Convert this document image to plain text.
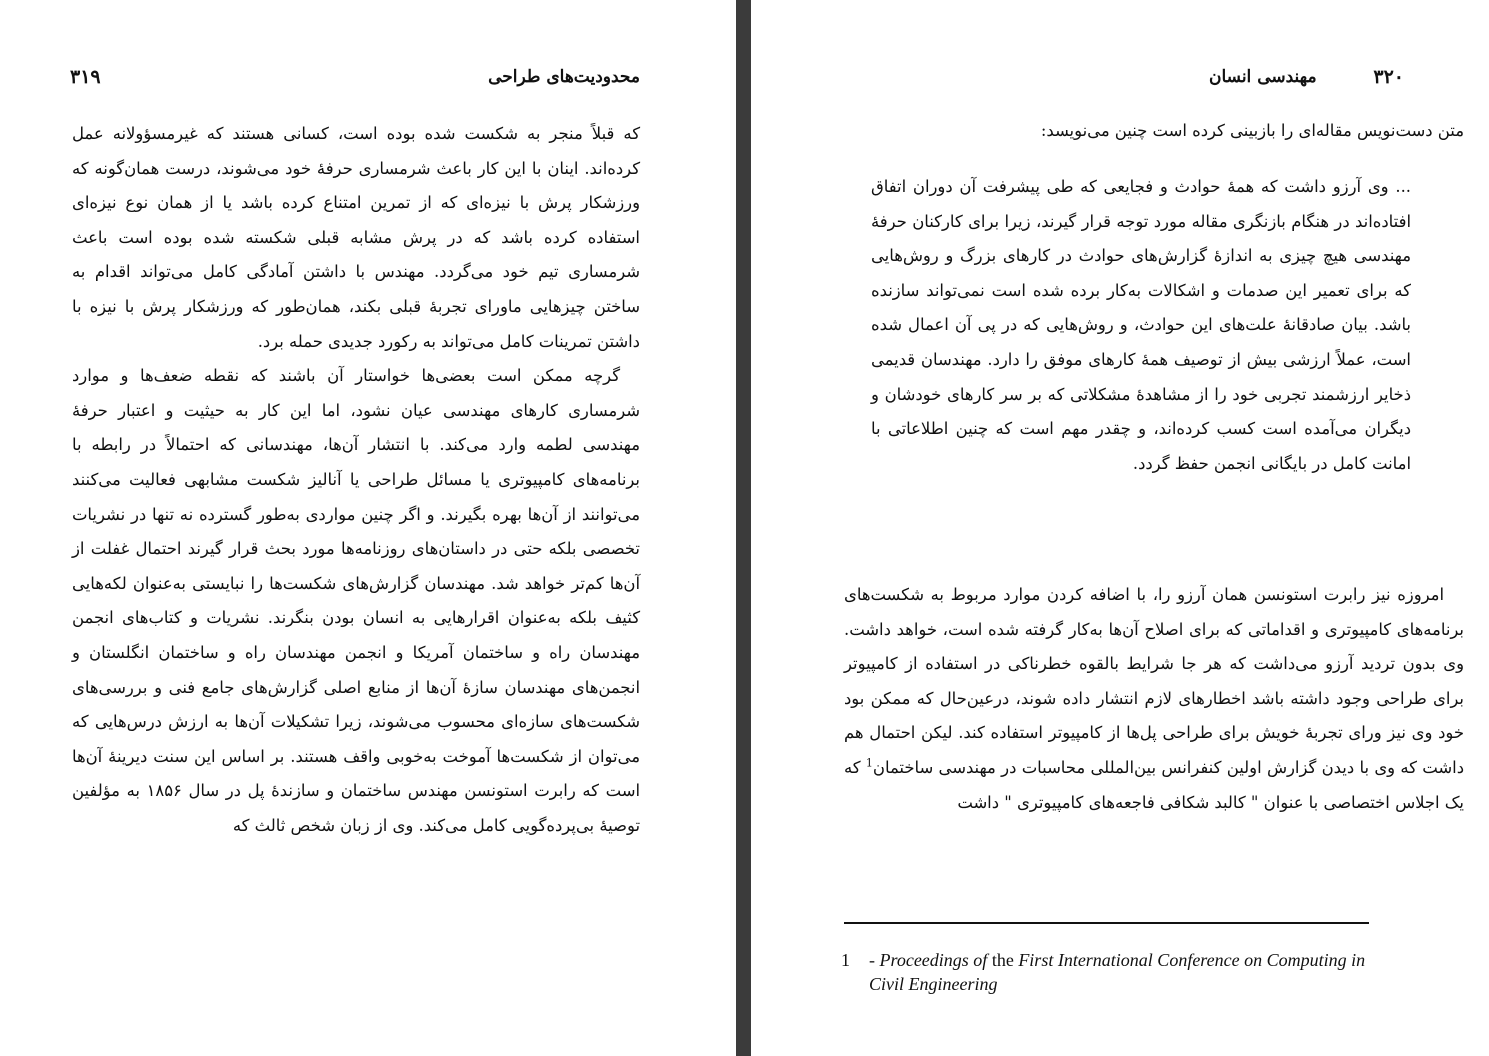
۳۱۹	محدودیت‌های طراحی

که قبلاً منجر به شکست شده بوده است، کسانی هستند که غیرمسؤولانه عمل کرده‌اند. اینان با این کار باعث شرمساری حرفهٔ خود می‌شوند، درست همان‌گونه که ورزشکار پرش با نیزه‌ای که از تمرین امتناع کرده باشد یا از همان نوع نیزه‌ای استفاده کرده باشد که در پرش مشابه قبلی شکسته شده بوده است باعث شرمساری تیم خود می‌گردد. مهندس با داشتن آمادگی کامل می‌تواند اقدام به ساختن چیزهایی ماورای تجربهٔ قبلی بکند، همان‌طور که ورزشکار پرش با نیزه با داشتن تمرینات کامل می‌تواند به رکورد جدیدی حمله برد.

گرچه ممکن است بعضی‌ها خواستار آن باشند که نقطه ضعف‌ها و موارد شرمساری کارهای مهندسی عیان نشود، اما این کار به حیثیت و اعتبار حرفهٔ مهندسی لطمه وارد می‌کند. با انتشار آن‌ها، مهندسانی که احتمالاً در رابطه با برنامه‌های کامپیوتری یا مسائل طراحی یا آنالیز شکست مشابهی فعالیت می‌کنند می‌توانند از آن‌ها بهره بگیرند. و اگر چنین مواردی به‌طور گسترده نه تنها در نشریات تخصصی بلکه حتی در داستان‌های روزنامه‌ها مورد بحث قرار گیرند احتمال غفلت از آن‌ها کم‌تر خواهد شد. مهندسان گزارش‌های شکست‌ها را نبایستی به‌عنوان لکه‌هایی کثیف بلکه به‌عنوان اقرارهایی به انسان بودن بنگرند. نشریات و کتاب‌های انجمن مهندسان راه و ساختمان آمریکا و انجمن مهندسان راه و ساختمان انگلستان و انجمن‌های مهندسان سازهٔ آن‌ها از منابع اصلی گزارش‌های جامع فنی و بررسی‌های شکست‌های سازه‌ای محسوب می‌شوند، زیرا تشکیلات آن‌ها به ارزش درس‌هایی که می‌توان از شکست‌ها آموخت به‌خوبی واقف هستند. بر اساس این سنت دیرینهٔ آن‌ها است که رابرت استونسن مهندس ساختمان و سازندهٔ پل در سال ۱۸۵۶ به مؤلفین توصیهٔ بی‌پرده‌گویی کامل می‌کند. وی از زبان شخص ثالث که

مهندسی انسان	۳۲۰

متن دست‌نویس مقاله‌ای را بازبینی کرده است چنین می‌نویسد:

... وی آرزو داشت که همهٔ حوادث و فجایعی که طی پیشرفت آن دوران اتفاق افتاده‌اند در هنگام بازنگری مقاله مورد توجه قرار گیرند، زیرا برای کارکنان حرفهٔ مهندسی هیچ چیزی به اندازهٔ گزارش‌های حوادث در کارهای بزرگ و روش‌هایی که برای تعمیر این صدمات و اشکالات به‌کار برده شده است نمی‌تواند سازنده باشد. بیان صادقانهٔ علت‌های این حوادث، و روش‌هایی که در پی آن اعمال شده است، عملاً ارزشی بیش از توصیف همهٔ کارهای موفق را دارد. مهندسان قدیمی ذخایر ارزشمند تجربی خود را از مشاهدهٔ مشکلاتی که بر سر کارهای خودشان و دیگران می‌آمده است کسب کرده‌اند، و چقدر مهم است که چنین اطلاعاتی با امانت کامل در بایگانی انجمن حفظ گردد.

امروزه نیز رابرت استونسن همان آرزو را، با اضافه کردن موارد مربوط به شکست‌های برنامه‌های کامپیوتری و اقداماتی که برای اصلاح آن‌ها به‌کار گرفته شده است، خواهد داشت. وی بدون تردید آرزو می‌داشت که هر جا شرایط بالقوه خطرناکی در استفاده از کامپیوتر برای طراحی وجود داشته باشد اخطارهای لازم انتشار داده شوند، درعین‌حال که ممکن بود خود وی نیز ورای تجربهٔ خویش برای طراحی پل‌ها از کامپیوتر استفاده کند. لیکن احتمال هم داشت که وی با دیدن گزارش اولین کنفرانس بین‌المللی محاسبات در مهندسی ساختمان$^1$ که یک اجلاس اختصاصی با عنوان " کالبد شکافی فاجعه‌های کامپیوتری " داشت

1	- Proceedings of the First International Conference on Computing in Civil Engineering
